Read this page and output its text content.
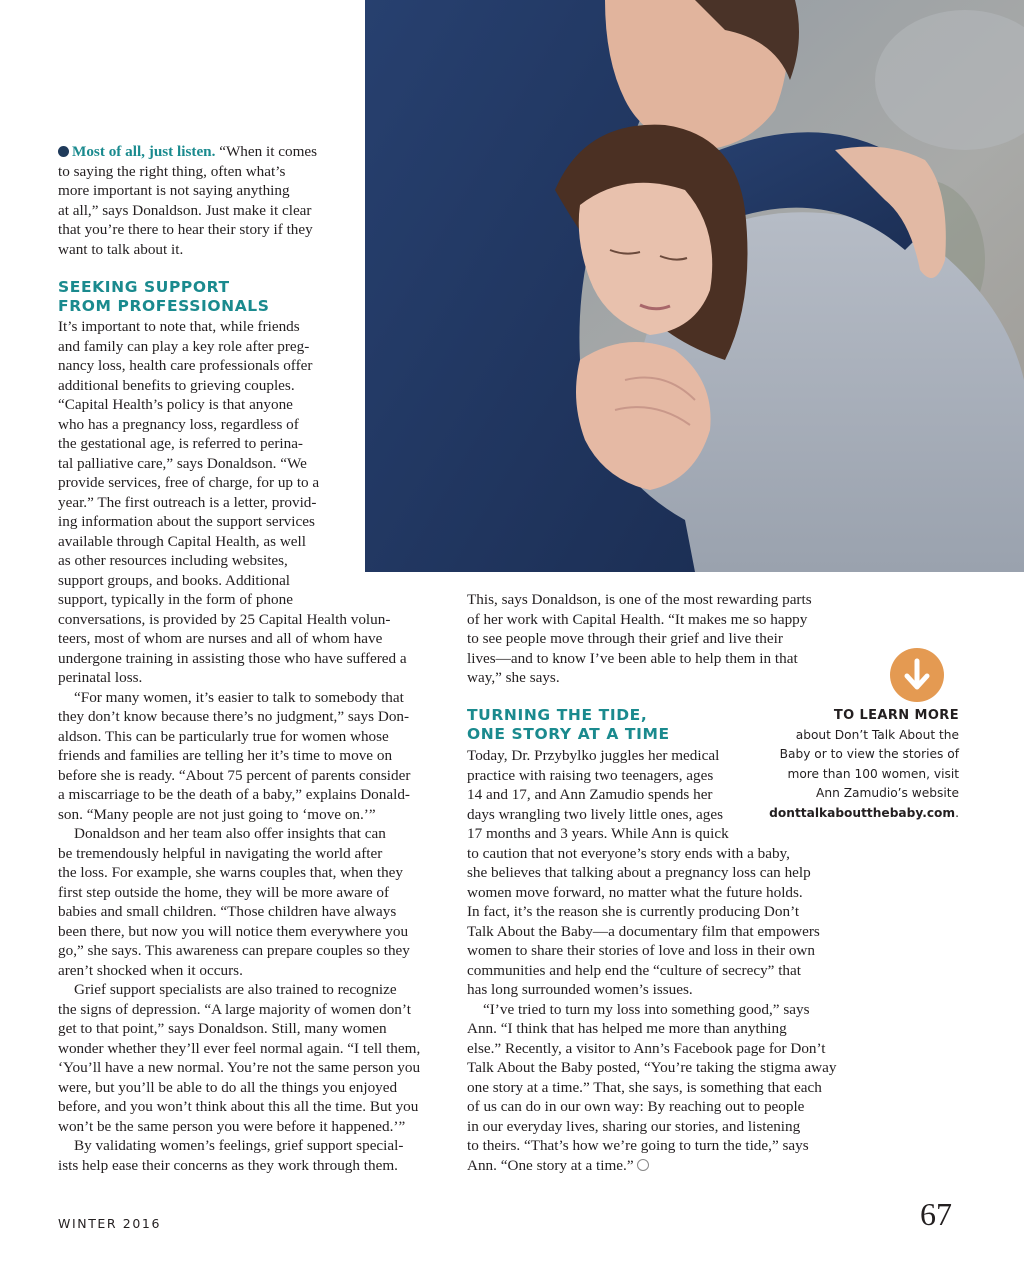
Most of all, just listen. “When it comes
to saying the right thing, often what’s
more important is not saying anything
at all,” says Donaldson. Just make it clear
that you’re there to hear their story if they
want to talk about it.

SEEKING SUPPORT
FROM PROFESSIONALS

It’s important to note that, while friends
and family can play a key role after preg-
nancy loss, health care professionals offer
additional benefits to grieving couples.
“Capital Health’s policy is that anyone
who has a pregnancy loss, regardless of
the gestational age, is referred to perina-
tal palliative care,” says Donaldson. “We
provide services, free of charge, for up to a
year.” The first outreach is a letter, provid-
ing information about the support services
available through Capital Health, as well
as other resources including websites,
support groups, and books. Additional
support, typically in the form of phone
conversations, is provided by 25 Capital Health volun-
teers, most of whom are nurses and all of whom have
undergone training in assisting those who have suffered a
perinatal loss.

“For many women, it’s easier to talk to somebody that
they don’t know because there’s no judgment,” says Don-
aldson. This can be particularly true for women whose
friends and families are telling her it’s time to move on
before she is ready. “About 75 percent of parents consider
a miscarriage to be the death of a baby,” explains Donald-
son. “Many people are not just going to ‘move on.’”

Donaldson and her team also offer insights that can
be tremendously helpful in navigating the world after
the loss. For example, she warns couples that, when they
first step outside the home, they will be more aware of
babies and small children. “Those children have always
been there, but now you will notice them everywhere you
go,” she says. This awareness can prepare couples so they
aren’t shocked when it occurs.

Grief support specialists are also trained to recognize
the signs of depression. “A large majority of women don’t
get to that point,” says Donaldson. Still, many women
wonder whether they’ll ever feel normal again. “I tell them,
‘You’ll have a new normal. You’re not the same person you
were, but you’ll be able to do all the things you enjoyed
before, and you won’t think about this all the time. But you
won’t be the same person you were before it happened.’”

By validating women’s feelings, grief support special-
ists help ease their concerns as they work through them.

This, says Donaldson, is one of the most rewarding parts
of her work with Capital Health. “It makes me so happy
to see people move through their grief and live their
lives—and to know I’ve been able to help them in that
way,” she says.

TURNING THE TIDE,
ONE STORY AT A TIME

Today, Dr. Przybylko juggles her medical
practice with raising two teenagers, ages
14 and 17, and Ann Zamudio spends her
days wrangling two lively little ones, ages
17 months and 3 years. While Ann is quick
to caution that not everyone’s story ends with a baby,
she believes that talking about a pregnancy loss can help
women move forward, no matter what the future holds.
In fact, it’s the reason she is currently producing Don’t
Talk About the Baby—a documentary film that empowers
women to share their stories of love and loss in their own
communities and help end the “culture of secrecy” that
has long surrounded women’s issues.

“I’ve tried to turn my loss into something good,” says
Ann. “I think that has helped me more than anything
else.” Recently, a visitor to Ann’s Facebook page for Don’t
Talk About the Baby posted, “You’re taking the stigma away
one story at a time.” That, she says, is something that each
of us can do in our own way: By reaching out to people
in our everyday lives, sharing our stories, and listening
to theirs. “That’s how we’re going to turn the tide,” says
Ann. “One story at a time.”

TO LEARN MORE
about Don’t Talk About the
Baby or to view the stories of
more than 100 women, visit
Ann Zamudio’s website
donttalkaboutthebaby.com.
WINTER 2016	67
